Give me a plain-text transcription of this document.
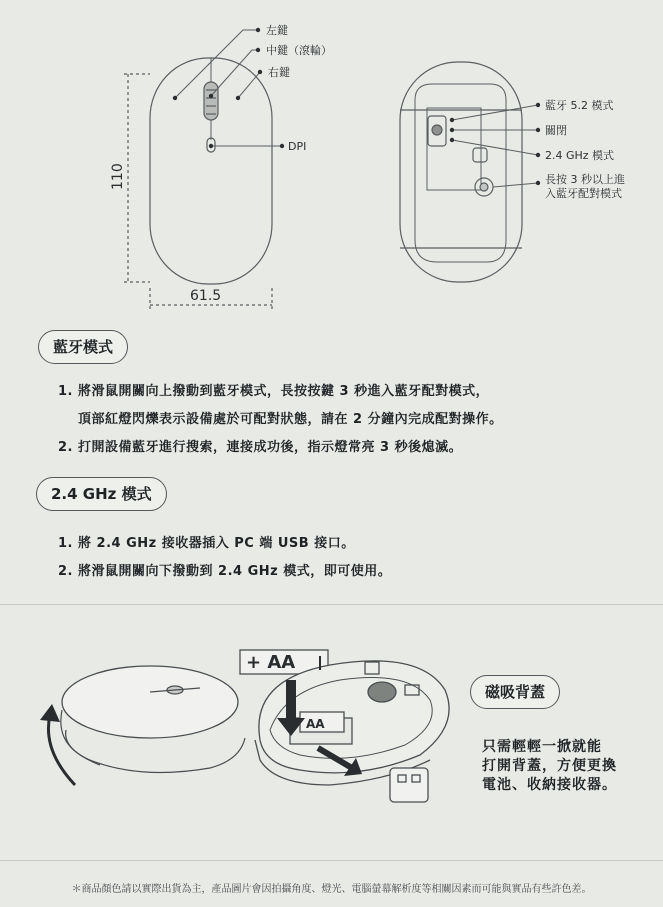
左鍵
中鍵（滾輪）
右鍵
DPI
61.5
110
藍牙 5.2 模式
關閉
2.4 GHz 模式
長按 3 秒以上進
入藍牙配對模式
藍牙模式
1. 將滑鼠開關向上撥動到藍牙模式，長按按鍵 3 秒進入藍牙配對模式，
頂部紅燈閃爍表示設備處於可配對狀態，請在 2 分鐘內完成配對操作。
2. 打開設備藍牙進行搜索，連接成功後，指示燈常亮 3 秒後熄滅。
2.4 GHz 模式
1. 將 2.4 GHz 接收器插入 PC 端 USB 接口。
2. 將滑鼠開關向下撥動到 2.4 GHz 模式，即可使用。
+ AA
AA
磁吸背蓋
只需輕輕一掀就能
打開背蓋，方便更換
電池、收納接收器。
＊商品顏色請以實際出貨為主，產品圖片會因拍攝角度、燈光、電腦螢幕解析度等相關因素而可能與實品有些許色差。
